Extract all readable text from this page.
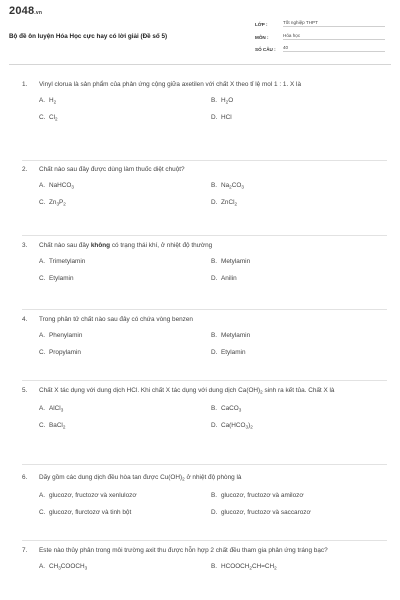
2048.vn
Bộ đề ôn luyện Hóa Học cực hay có lời giải (Đề số 5)
LỚP :	Tốt nghiệp THPT
MÔN :	Hóa học
SỐ CÂU :	40
1. Vinyl clorua là sản phẩm của phản ứng cộng giữa axetilen với chất X theo tỉ lệ mol 1 : 1. X là
A. $H_2$	B. $H_2O$
C. $Cl_2$	D. HCl
2. Chất nào sau đây được dùng làm thuốc diệt chuột?
A. NaHCO$_3$	B. $Na_2CO_3$
C. $Zn_3P_2$	D. ZnCl$_2$
3. Chất nào sau đây không có trạng thái khí, ở nhiệt độ thường
A. Trimetylamin	B. Metylamin
C. Etylamin	D. Anilin
4. Trong phân tử chất nào sau đây có chứa vòng benzen
A. Phenylamin	B. Metylamin
C. Propylamin	D. Etylamin
5. Chất X tác dụng với dung dịch HCl. Khi chất X tác dụng với dung dịch $Ca(OH)_2$ sinh ra kết tủa. Chất X là
A. AlCl$_3$	B. CaCO$_3$
C. BaCl$_2$	D. $Ca(HCO_3)_2$
6. Dãy gồm các dung dịch đều hòa tan được $Cu(OH)_2$ ở nhiệt độ phòng là
A. glucozơ, fructozơ và xenlulozơ	B. glucozơ, fructozơ và amilozơ
C. glucozơ, flurctozơ và tinh bột	D. glucozơ, fructozơ và saccarozơ
7. Este nào thủy phân trong môi trường axit thu được hỗn hợp 2 chất đều tham gia phản ứng tráng bạc?
A. $CH_3COOCH_3$	B. $HCOOCH_2CH=CH_2$
